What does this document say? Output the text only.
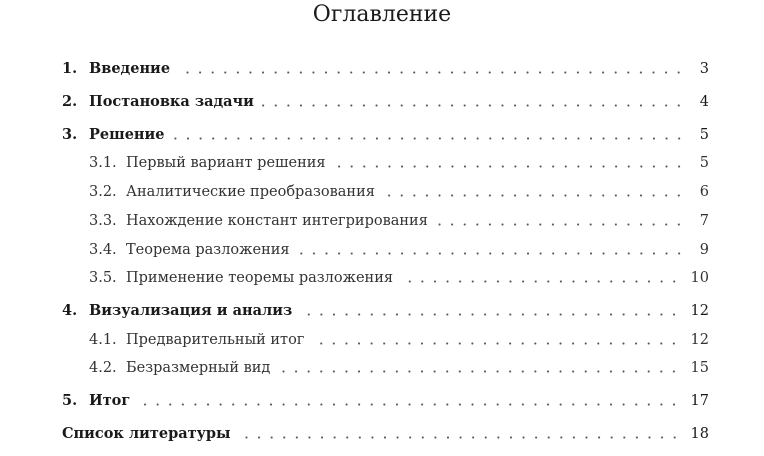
Оглавление
1. Введение	3
2. Постановка задачи	4
3. Решение	5
3.1. Первый вариант решения	5
3.2. Аналитические преобразования	6
3.3. Нахождение констант интегрирования	7
3.4. Теорема разложения	9
3.5. Применение теоремы разложения	10
4. Визуализация и анализ	12
4.1. Предварительный итог	12
4.2. Безразмерный вид	15
5. Итог	17
Список литературы	18
